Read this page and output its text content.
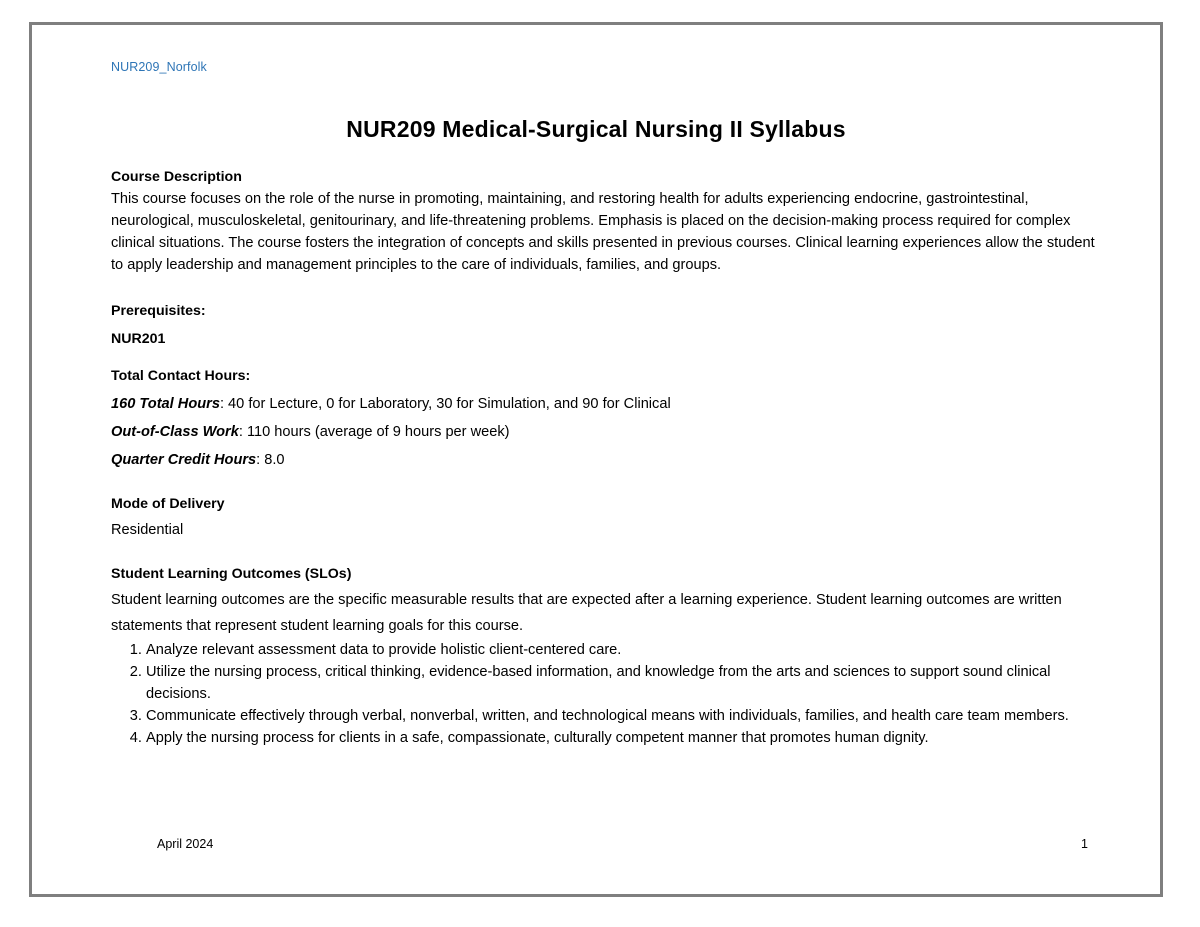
NUR209_Norfolk
NUR209 Medical-Surgical Nursing II Syllabus
Course Description

This course focuses on the role of the nurse in promoting, maintaining, and restoring health for adults experiencing endocrine, gastrointestinal, neurological, musculoskeletal, genitourinary, and life-threatening problems. Emphasis is placed on the decision-making process required for complex clinical situations. The course fosters the integration of concepts and skills presented in previous courses. Clinical learning experiences allow the student to apply leadership and management principles to the care of individuals, families, and groups.

Prerequisites:
NUR201
Total Contact Hours:
160 Total Hours: 40 for Lecture, 0 for Laboratory, 30 for Simulation, and 90 for Clinical
Out-of-Class Work: 110 hours (average of 9 hours per week)
Quarter Credit Hours: 8.0
Mode of Delivery
Residential
Student Learning Outcomes (SLOs)

Student learning outcomes are the specific measurable results that are expected after a learning experience. Student learning outcomes are written statements that represent student learning goals for this course.

1. Analyze relevant assessment data to provide holistic client-centered care.
2. Utilize the nursing process, critical thinking, evidence-based information, and knowledge from the arts and sciences to support sound clinical decisions.
3. Communicate effectively through verbal, nonverbal, written, and technological means with individuals, families, and health care team members.
4. Apply the nursing process for clients in a safe, compassionate, culturally competent manner that promotes human dignity.
April 2024	1
